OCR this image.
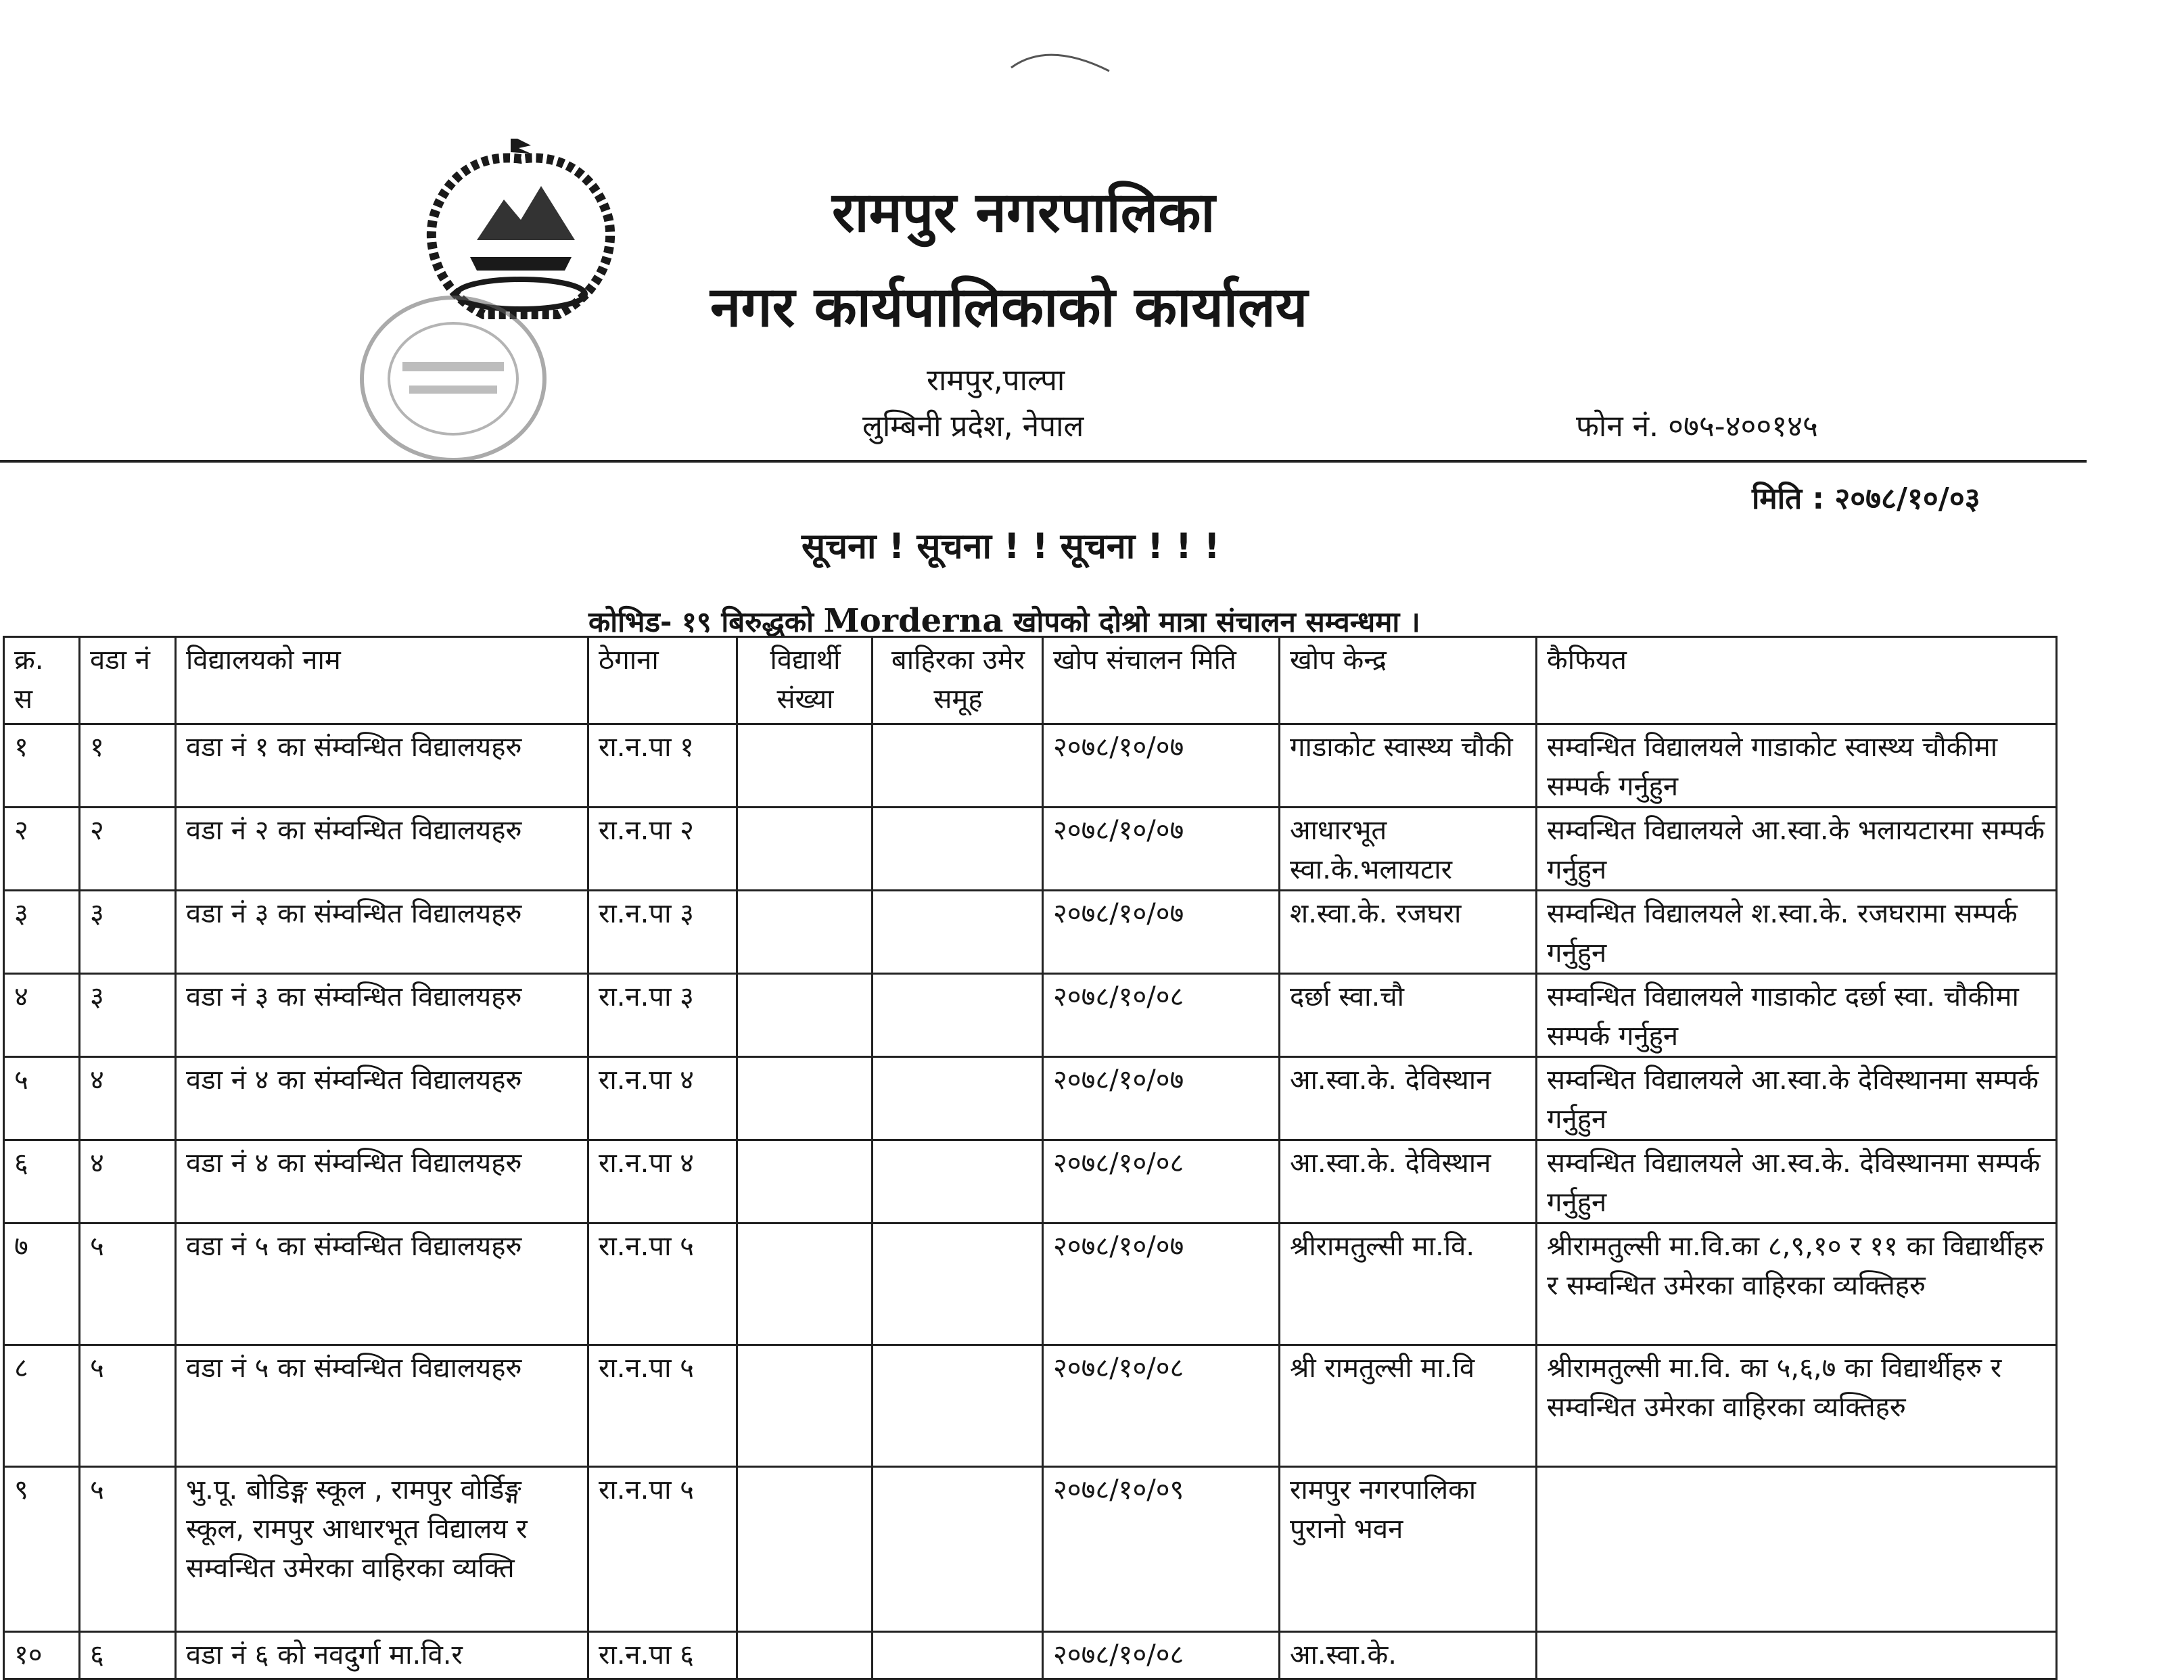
रामपुर नगरपालिका
नगर कार्यपालिकाको कार्यालय
रामपुर,पाल्पा
लुम्बिनी प्रदेश, नेपाल	फोन नं. ०७५-४००१४५
मिति : २०७८/१०/०३
सूचना ! सूचना ! ! सूचना ! ! !
कोभिड- १९ बिरुद्धको Morderna खोपको दोश्रो मात्रा संचालन सम्वन्धमा ।
क्र. स	वडा नं	विद्यालयको नाम	ठेगाना	विद्यार्थी संख्या	बाहिरका उमेर समूह	खोप संचालन मिति	खोप केन्द्र	कैफियत
१	१	वडा नं १ का संम्वन्धित विद्यालयहरु	रा.न.पा १			२०७८/१०/०७	गाडाकोट स्वास्थ्य चौकी	सम्वन्धित विद्यालयले गाडाकोट स्वास्थ्य चौकीमा सम्पर्क गर्नुहुन
२	२	वडा नं २ का संम्वन्धित विद्यालयहरु	रा.न.पा २			२०७८/१०/०७	आधारभूत स्वा.के.भलायटार	सम्वन्धित विद्यालयले आ.स्वा.के भलायटारमा सम्पर्क गर्नुहुन
३	३	वडा नं ३ का संम्वन्धित विद्यालयहरु	रा.न.पा ३			२०७८/१०/०७	श.स्वा.के. रजघरा	सम्वन्धित विद्यालयले श.स्वा.के. रजघरामा सम्पर्क गर्नुहुन
४	३	वडा नं ३ का संम्वन्धित विद्यालयहरु	रा.न.पा ३			२०७८/१०/०८	दर्छा स्वा.चौ	सम्वन्धित विद्यालयले गाडाकोट दर्छा स्वा. चौकीमा सम्पर्क गर्नुहुन
५	४	वडा नं ४ का संम्वन्धित विद्यालयहरु	रा.न.पा ४			२०७८/१०/०७	आ.स्वा.के. देविस्थान	सम्वन्धित विद्यालयले आ.स्वा.के देविस्थानमा सम्पर्क गर्नुहुन
६	४	वडा नं ४ का संम्वन्धित विद्यालयहरु	रा.न.पा ४			२०७८/१०/०८	आ.स्वा.के. देविस्थान	सम्वन्धित विद्यालयले आ.स्व.के. देविस्थानमा सम्पर्क गर्नुहुन
७	५	वडा नं ५ का संम्वन्धित विद्यालयहरु	रा.न.पा ५			२०७८/१०/०७	श्रीरामतुल्सी मा.वि.	श्रीरामतुल्सी मा.वि.का ८,९,१० र ११ का विद्यार्थीहरु र सम्वन्धित उमेरका वाहिरका व्यक्तिहरु
८	५	वडा नं ५ का संम्वन्धित विद्यालयहरु	रा.न.पा ५			२०७८/१०/०८	श्री रामतुल्सी मा.वि	श्रीरामतुल्सी मा.वि. का ५,६,७ का विद्यार्थीहरु र सम्वन्धित उमेरका वाहिरका व्यक्तिहरु
९	५	भु.पू. बोडिङ्ग स्कूल , रामपुर वोर्डिङ्ग स्कूल, रामपुर आधारभूत विद्यालय र सम्वन्धित उमेरका वाहिरका व्यक्ति	रा.न.पा ५			२०७८/१०/०९	रामपुर नगरपालिका पुरानो भवन	
१०	६	वडा नं ६ को नवदुर्गा मा.वि.र	रा.न.पा ६			२०७८/१०/०८	आ.स्वा.के.	
